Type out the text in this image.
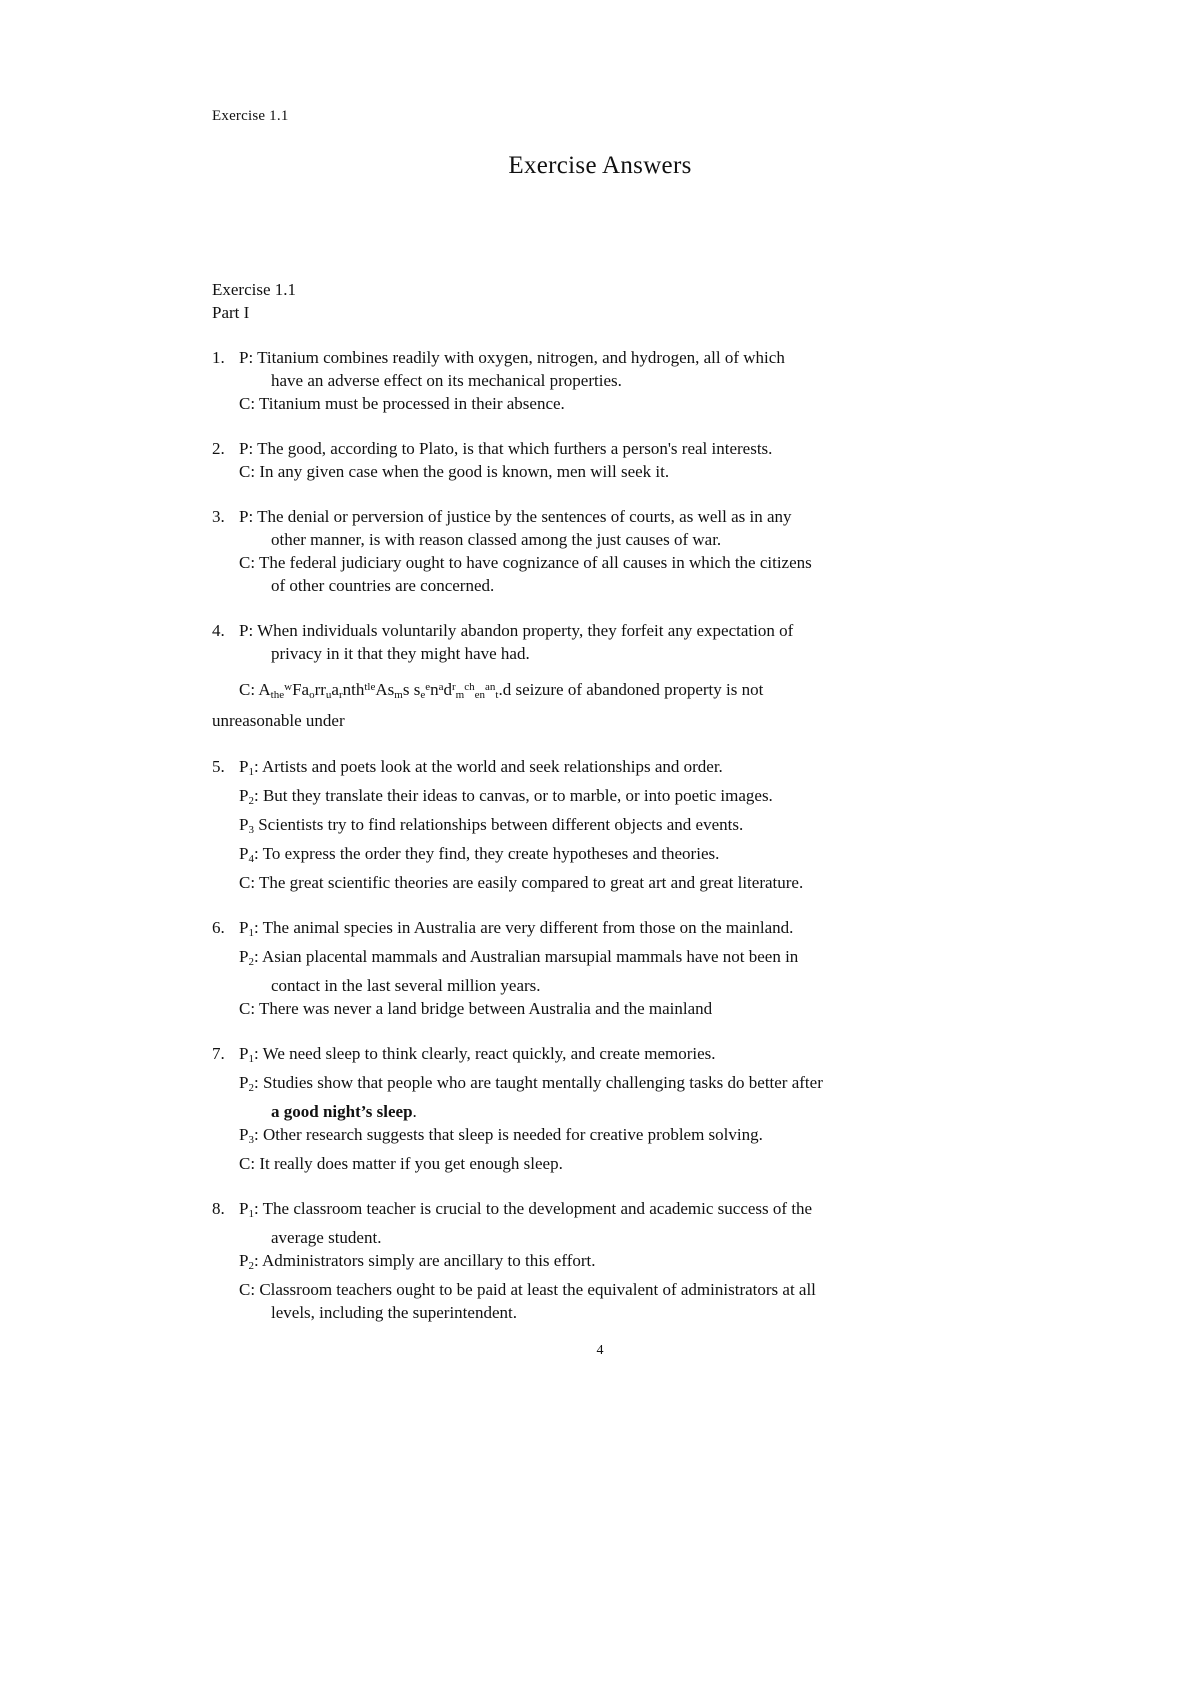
Exercise 1.1
Exercise Answers

Exercise 1.1

Part I

1. P: Titanium combines readily with oxygen, nitrogen, and hydrogen, all of which
have an adverse effect on its mechanical properties.
C: Titanium must be processed in their absence.
2. P: The good, according to Plato, is that which furthers a person's real interests.
C: In any given case when the good is known, men will seek it.
3. P: The denial or perversion of justice by the sentences of courts, as well as in any
other manner, is with reason classed among the just causes of war.
C: The federal judiciary ought to have cognizance of all causes in which the citizens
of other countries are concerned.
4. P: When individuals voluntarily abandon property, they forfeit any expectation of
privacy in it that they might have had.
C: $A_{the}^wFa_orr_ua_rnth^{tle}As_ms$ $s_e^en^ad^r_m^{ch}_{en}^{an}_t.d$ seizure of abandoned property is not
unreasonable under
5. $P_1$: Artists and poets look at the world and seek relationships and order.
$P_2$: But they translate their ideas to canvas, or to marble, or into poetic images.
$P_3$ Scientists try to find relationships between different objects and events.
$P_4$: To express the order they find, they create hypotheses and theories.
C: The great scientific theories are easily compared to great art and great literature.
6. $P_1$: The animal species in Australia are very different from those on the mainland.
$P_2$: Asian placental mammals and Australian marsupial mammals have not been in
contact in the last several million years.
C: There was never a land bridge between Australia and the mainland
7. $P_1$: We need sleep to think clearly, react quickly, and create memories.
$P_2$: Studies show that people who are taught mentally challenging tasks do better after
a good night’s sleep.
$P_3$: Other research suggests that sleep is needed for creative problem solving.
C: It really does matter if you get enough sleep.
8. $P_1$: The classroom teacher is crucial to the development and academic success of the
average student.
$P_2$: Administrators simply are ancillary to this effort.
C: Classroom teachers ought to be paid at least the equivalent of administrators at all
levels, including the superintendent.
4
